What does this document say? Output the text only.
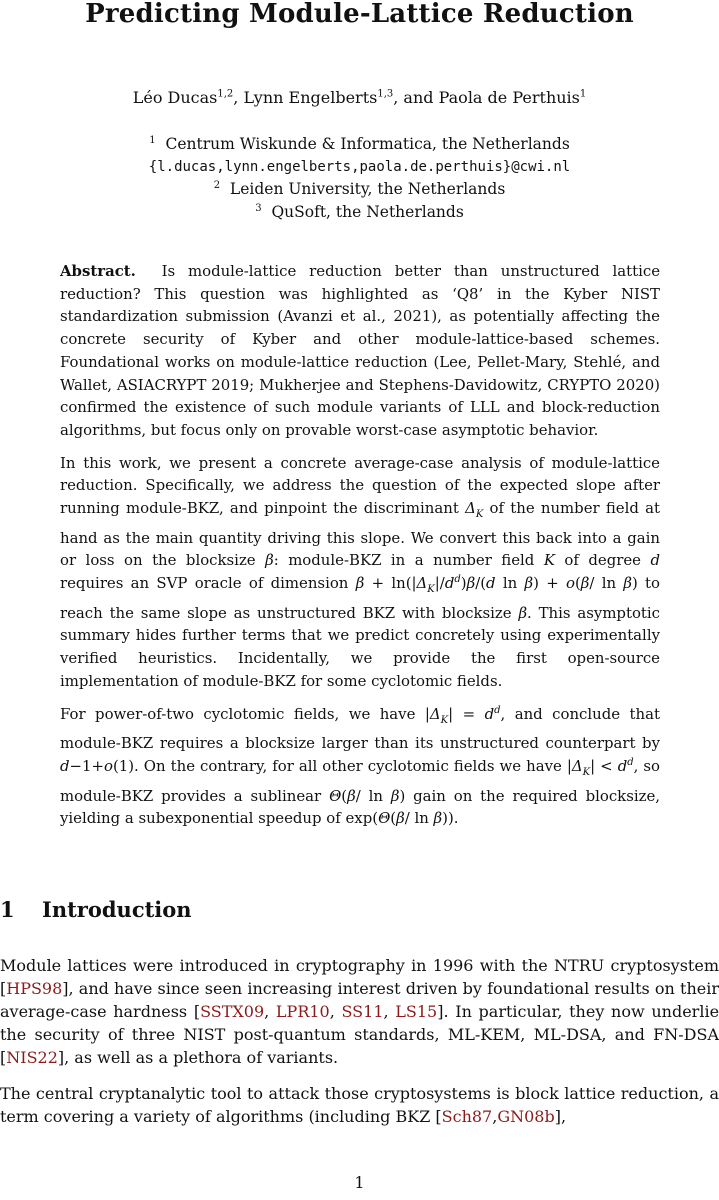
Predicting Module-Lattice Reduction
Léo Ducas$^{1,2}$, Lynn Engelberts$^{1,3}$, and Paola de Perthuis$^1$
$^1$ Centrum Wiskunde & Informatica, the Netherlands
{l.ducas,lynn.engelberts,paola.de.perthuis}@cwi.nl
$^2$ Leiden University, the Netherlands
$^3$ QuSoft, the Netherlands

Abstract. Is module-lattice reduction better than unstructured lattice reduction? This question was highlighted as ‘Q8’ in the Kyber NIST standardization submission (Avanzi et al., 2021), as potentially affecting the concrete security of Kyber and other module-lattice-based schemes. Foundational works on module-lattice reduction (Lee, Pellet-Mary, Stehlé, and Wallet, ASIACRYPT 2019; Mukherjee and Stephens-Davidowitz, CRYPTO 2020) confirmed the existence of such module variants of LLL and block-reduction algorithms, but focus only on provable worst-case asymptotic behavior.

In this work, we present a concrete average-case analysis of module-lattice reduction. Specifically, we address the question of the expected slope after running module-BKZ, and pinpoint the discriminant $\Delta_K$ of the number field at hand as the main quantity driving this slope. We convert this back into a gain or loss on the blocksize β: module-BKZ in a number field K of degree d requires an SVP oracle of dimension $\beta + \ln(|\Delta_K|/d^d)\beta/(d$ ln β) + o(β/ ln β) to reach the same slope as unstructured BKZ with blocksize β. This asymptotic summary hides further terms that we predict concretely using experimentally verified heuristics. Incidentally, we provide the first open-source implementation of module-BKZ for some cyclotomic fields.

For power-of-two cyclotomic fields, we have $|\Delta_K| = d^d$, and conclude that module-BKZ requires a blocksize larger than its unstructured counterpart by d−1+o(1). On the contrary, for all other cyclotomic fields we have $|\Delta_K| < d^d$, so module-BKZ provides a sublinear Θ(β/ ln β) gain on the required blocksize, yielding a subexponential speedup of exp(Θ(β/ ln β)).

1 Introduction

Module lattices were introduced in cryptography in 1996 with the NTRU cryptosystem [HPS98], and have since seen increasing interest driven by foundational results on their average-case hardness [SSTX09, LPR10, SS11, LS15]. In particular, they now underlie the security of three NIST post-quantum standards, ML-KEM, ML-DSA, and FN-DSA [NIS22], as well as a plethora of variants.

The central cryptanalytic tool to attack those cryptosystems is block lattice reduction, a term covering a variety of algorithms (including BKZ [Sch87,GN08b],

1
